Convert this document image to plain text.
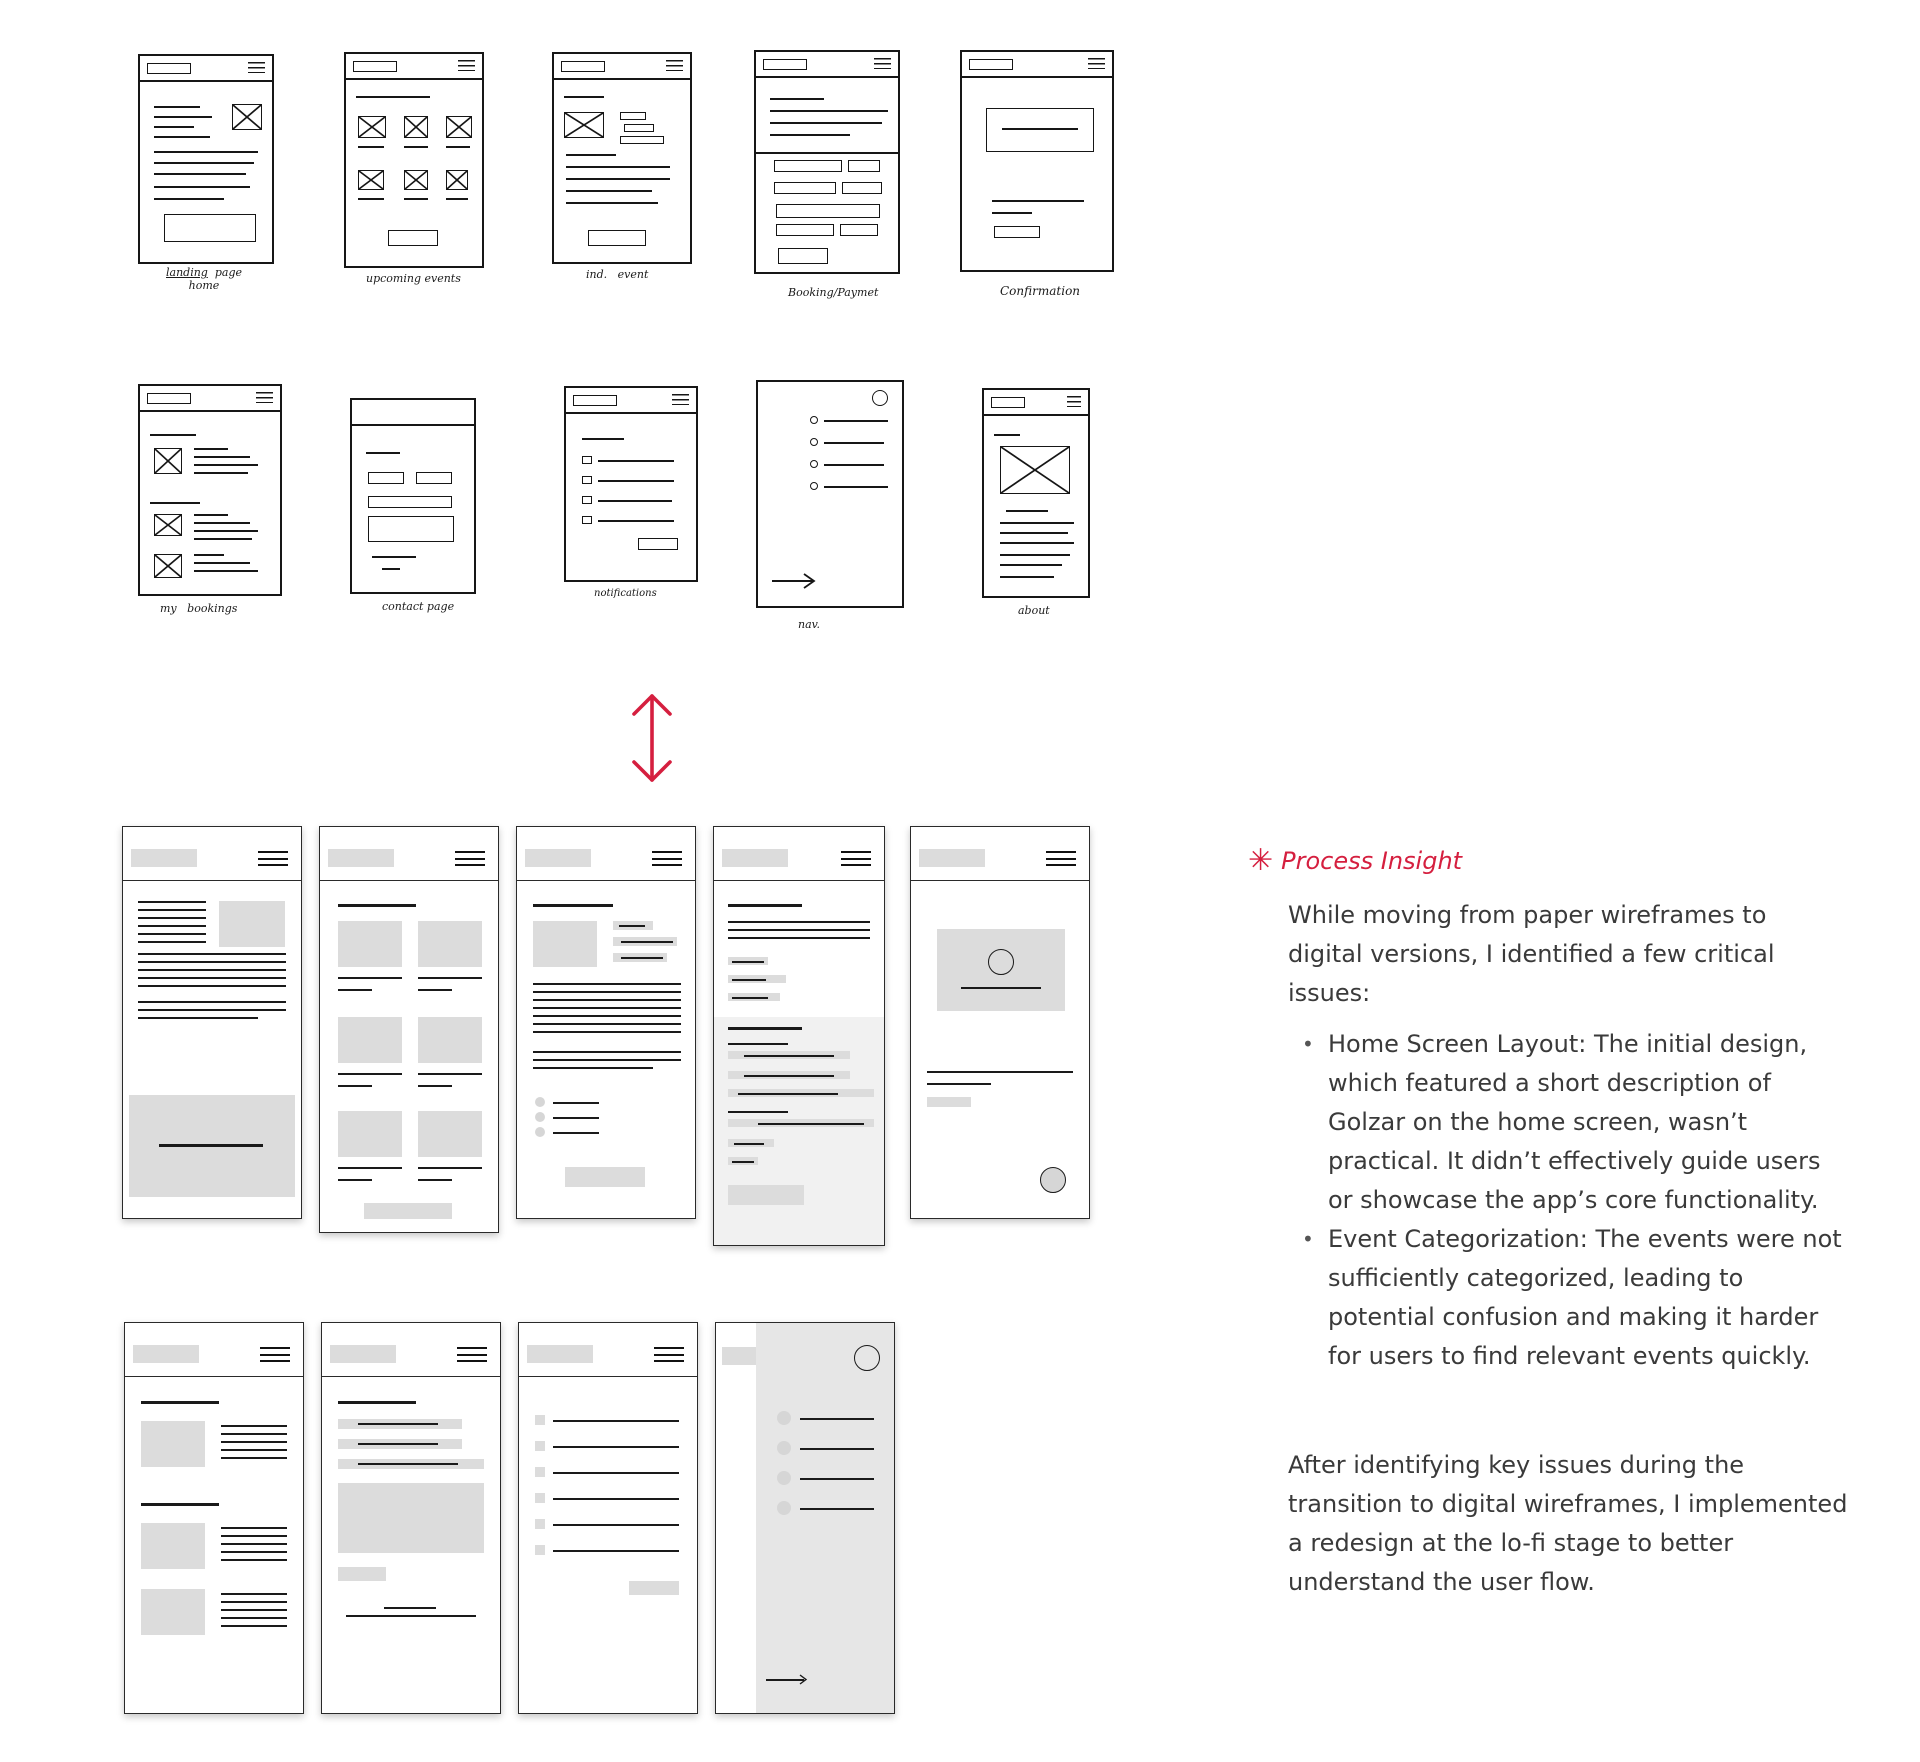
landing page
home
upcoming events	ind. event
Booking/Paymet	Confirmation
my bookings	contact page
notifications
nav.
about
✳ Process Insight

While moving from paper wireframes to digital versions, I identified a few critical issues:

• Home Screen Layout: The initial design, which featured a short description of Golzar on the home screen, wasn’t practical. It didn’t effectively guide users or showcase the app’s core functionality.
• Event Categorization: The events were not sufficiently categorized, leading to potential confusion and making it harder for users to find relevant events quickly.

After identifying key issues during the transition to digital wireframes, I implemented a redesign at the lo-fi stage to better understand the user flow.
